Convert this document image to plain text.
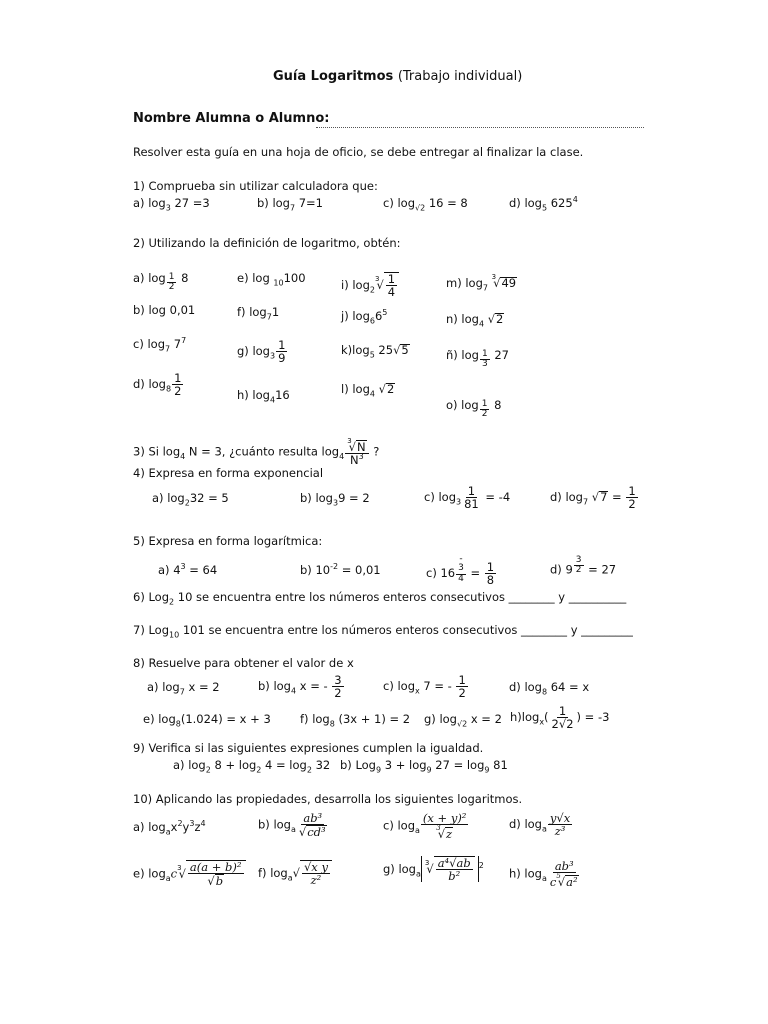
Guía Logaritmos (Trabajo individual)
Nombre Alumna o Alumno:
Resolver esta guía en una hoja de oficio, se debe entregar al finalizar la clase.
1) Comprueba sin utilizar calculadora que:
a) $\log_3 27 =3$	b) $\log_7 7=1$	c) $\log_{√2} 16 = 8$	d) $\log_5 625^4$
2) Utilizando la definición de logaritmo, obtén:
a) log $_{\frac{1}{2}}$ 8
b) log 0,01
c) $\log_7 7^7$
d) $\log_8 \frac{1}{2}$
e) log $_{10}$100
f) $\log_71$
g) $\log_3 \frac{1}{9}$
h) $\log_416$
i) $\log_2^3√ \frac{1}{4}$
j) $\log_66^5$
$k)\log_5$ 25√ 5
l) $\log_4$ √ 2
m) $\log_7 ^3√$ 49
n) $\log_4$ √ 2
ñ) log $_{\frac{1}{3}}$ 27
o) log $_{\frac{1}{2}}$ 8
3) Si $\log_4 N = 3$, ¿cuánto resulta $\log_4 \frac{^3√ N}{N^3}$ ?
4) Expresa en forma exponencial
a) $\log_232 = 5$	b) $\log_39 = 2$	c) $\log_3 \frac{1}{81} = -4$	d) $\log_7$ √ $7 = \frac{1}{2}$
5) Expresa en forma logarítmica:
a) $4^3 = 64$	b) $10^{-2} = 0,01$	c) $16^{- 3 4} = \frac{1}{8}$	d) 9 $^{\frac{3}{2}}$ = 27
6) Log$_2$ 10 se encuentra entre los números enteros consecutivos ________ y __________
7) Log$_{10}$ 101 se encuentra entre los números enteros consecutivos ________ y _________
8) Resuelve para obtener el valor de x
a) $\log_7 x = 2$	b) $\log_4 x$ = - $\frac{3}{2}$	c) $\log_x 7$ = - $\frac{1}{2}$	d) $\log_8 64 = x$
e) $\log_8(1.024) = x + 3$	f) $\log_8 (3x + 1) = 2$ g) $\log_{√2} x = 2$ $h)\log_x( \frac{1}{2√2}$ ) = -3
9) Verifica si las siguientes expresiones cumplen la igualdad.
a) $\log_2 8 + \log_2 4 = \log_2 32$ b) Log$_9$ $3 + \log_9 27 = \log_9 81$
10) Aplicando las propiedades, desarrolla los siguientes logaritmos.
a) $\log_ax^2y^3z^4$	b) $\log_a ab^3$
√ cd³	c) $\log_a \frac{\text{(x + y)²}}{^3√ z}$	d) $\log_a \frac{y√x}{\text{z³}}$
e) $\log_ac^3√$ a(a + b)²
√ b f) $\log_a√ \frac{\text{√x y}}{\text{z²}}$	g) $\log_a^3√ \frac{\text{a⁴√ab}}{\text{b²}} ^2$
h) $\log_a \frac{\text{ab³}}{c^5√ a^2}$
